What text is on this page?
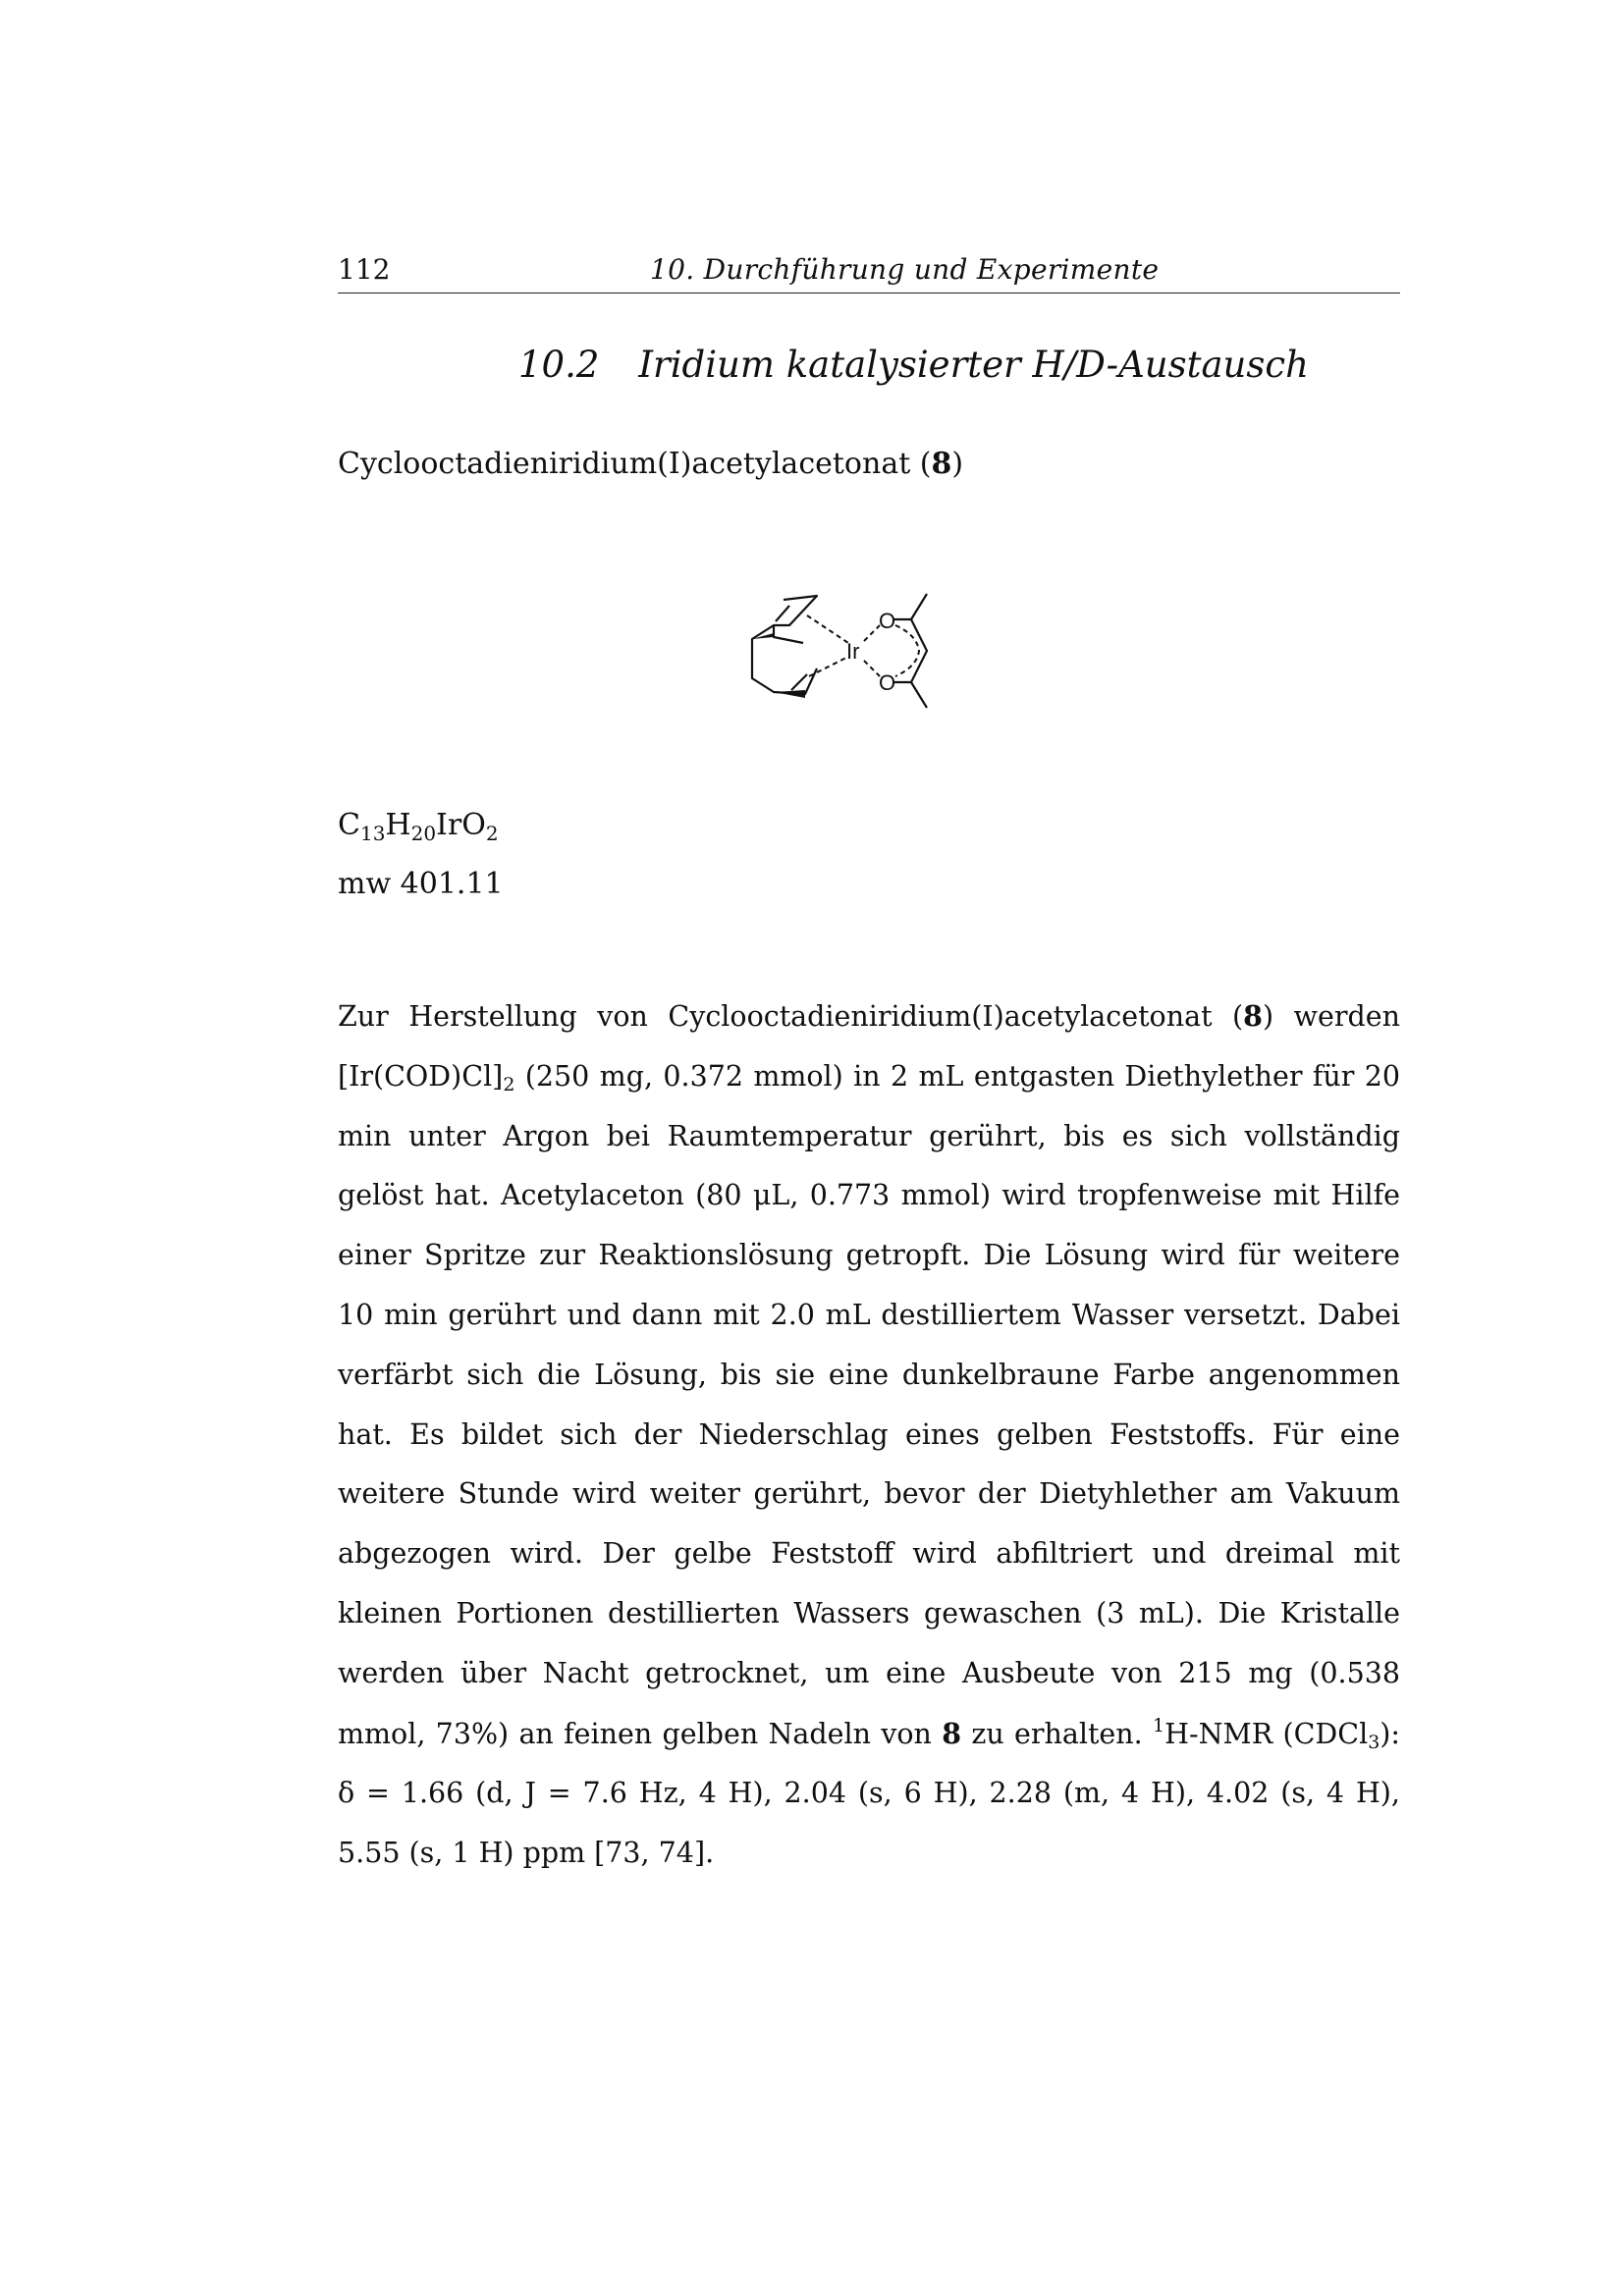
112	10. Durchführung und Experimente
10.2 Iridium katalysierter H/D-Austausch
Cyclooctadieniridium(I)acetylacetonat (8)
Ir
O
O
$C_{13}H_{20}IrO_2$
mw 401.11
Zur Herstellung von Cyclooctadieniridium(I)acetylacetonat (8) werden $[Ir(COD)Cl]_2$ (250 mg, 0.372 mmol) in 2 mL entgasten Diethylether für 20 min unter Argon bei Raumtemperatur gerührt, bis es sich vollständig gelöst hat. Acetylaceton (80 μL, 0.773 mmol) wird tropfenweise mit Hilfe einer Spritze zur Reaktionslösung getropft. Die Lösung wird für weitere 10 min gerührt und dann mit 2.0 mL destilliertem Wasser versetzt. Dabei verfärbt sich die Lösung, bis sie eine dunkelbraune Farbe angenommen hat. Es bildet sich der Niederschlag eines gelben Feststoffs. Für eine weitere Stunde wird weiter gerührt, bevor der Dietyhlether am Vakuum abgezogen wird. Der gelbe Feststoff wird abfiltriert und dreimal mit kleinen Portionen destillierten Wassers gewaschen (3 mL). Die Kristalle werden über Nacht getrocknet, um eine Ausbeute von 215 mg (0.538 mmol, 73%) an feinen gelben Nadeln von 8 zu erhalten. $^1$H-NMR (CDCl$_3$): δ = 1.66 (d, J = 7.6 Hz, 4 H), 2.04 (s, 6 H), 2.28 (m, 4 H), 4.02 (s, 4 H), 5.55 (s, 1 H) ppm [73, 74].
